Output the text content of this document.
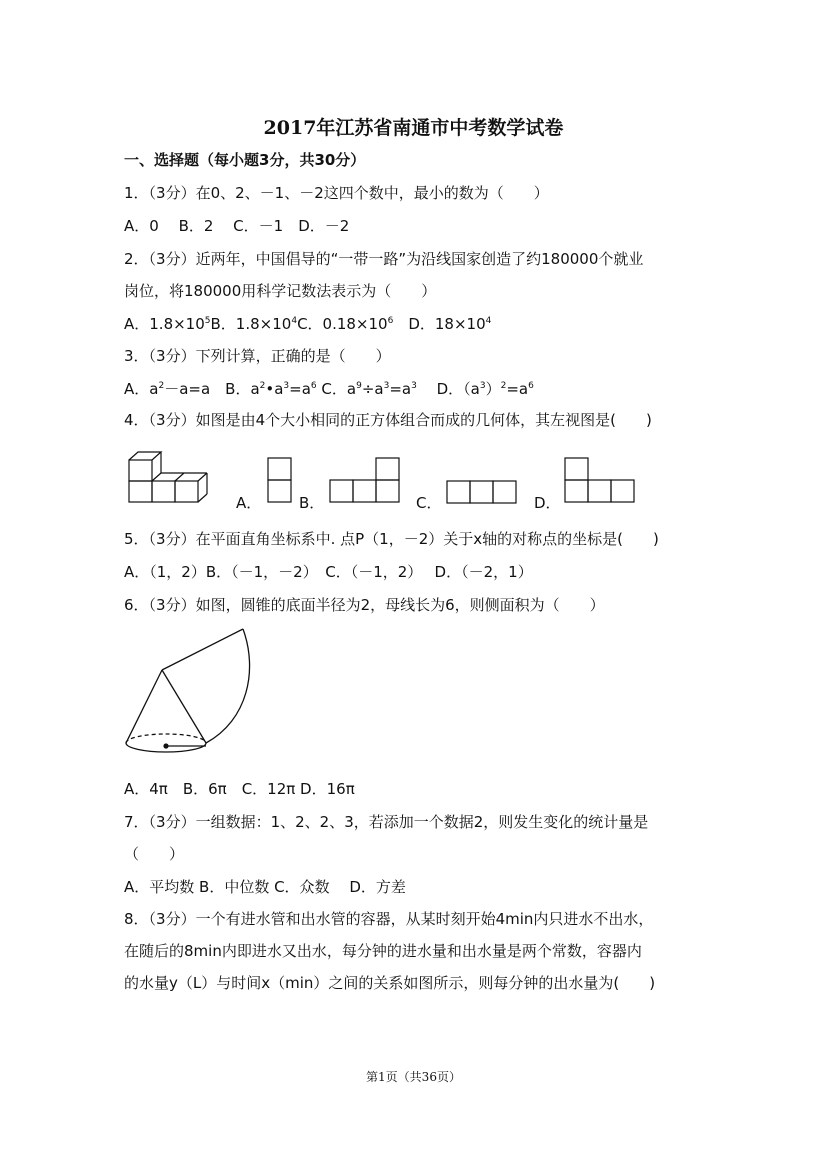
2017年江苏省南通市中考数学试卷
一、选择题（每小题3分，共30分）
1．（3分）在0、2、－1、－2这四个数中，最小的数为（　　）
A．0　 B．2　 C．－1　D．－2
2．（3分）近两年，中国倡导的“一带一路”为沿线国家创造了约180000个就业
岗位，将180000用科学记数法表示为（　　）
A．$1.8\times 10^5B$．$1.8\times 10^4C$．$0.18\times 10^6$　D．$18\times 10^4$
3．（3分）下列计算，正确的是（　　）
A．$a^2-a=a$　B．$a^2•a^3=a^6$ C．$a^9\div a^3=a^3$　 D．$(a^3)^2=a^6$
4．（3分）如图是由4个大小相同的正方体组合而成的几何体，其左视图是(　　)
A．	B．	C．	D．
5．（3分）在平面直角坐标系中. 点P（1，－2）关于x轴的对称点的坐标是(　　)
A．（1，2）B．（－1，－2）　C．（－1，2）　 D．（－2，1）
6．（3分）如图，圆锥的底面半径为2，母线长为6，则侧面积为（　　）
A．4π　B．6π　C．12π D．16π
7．（3分）一组数据：1、2、2、3，若添加一个数据2，则发生变化的统计量是
（　　）
A．平均数 B．中位数 C．众数　 D．方差
8．（3分）一个有进水管和出水管的容器，从某时刻开始4min内只进水不出水，
在随后的8min内即进水又出水，每分钟的进水量和出水量是两个常数，容器内
的水量y（L）与时间x（min）之间的关系如图所示，则每分钟的出水量为(　　)
第1页（共36页）
